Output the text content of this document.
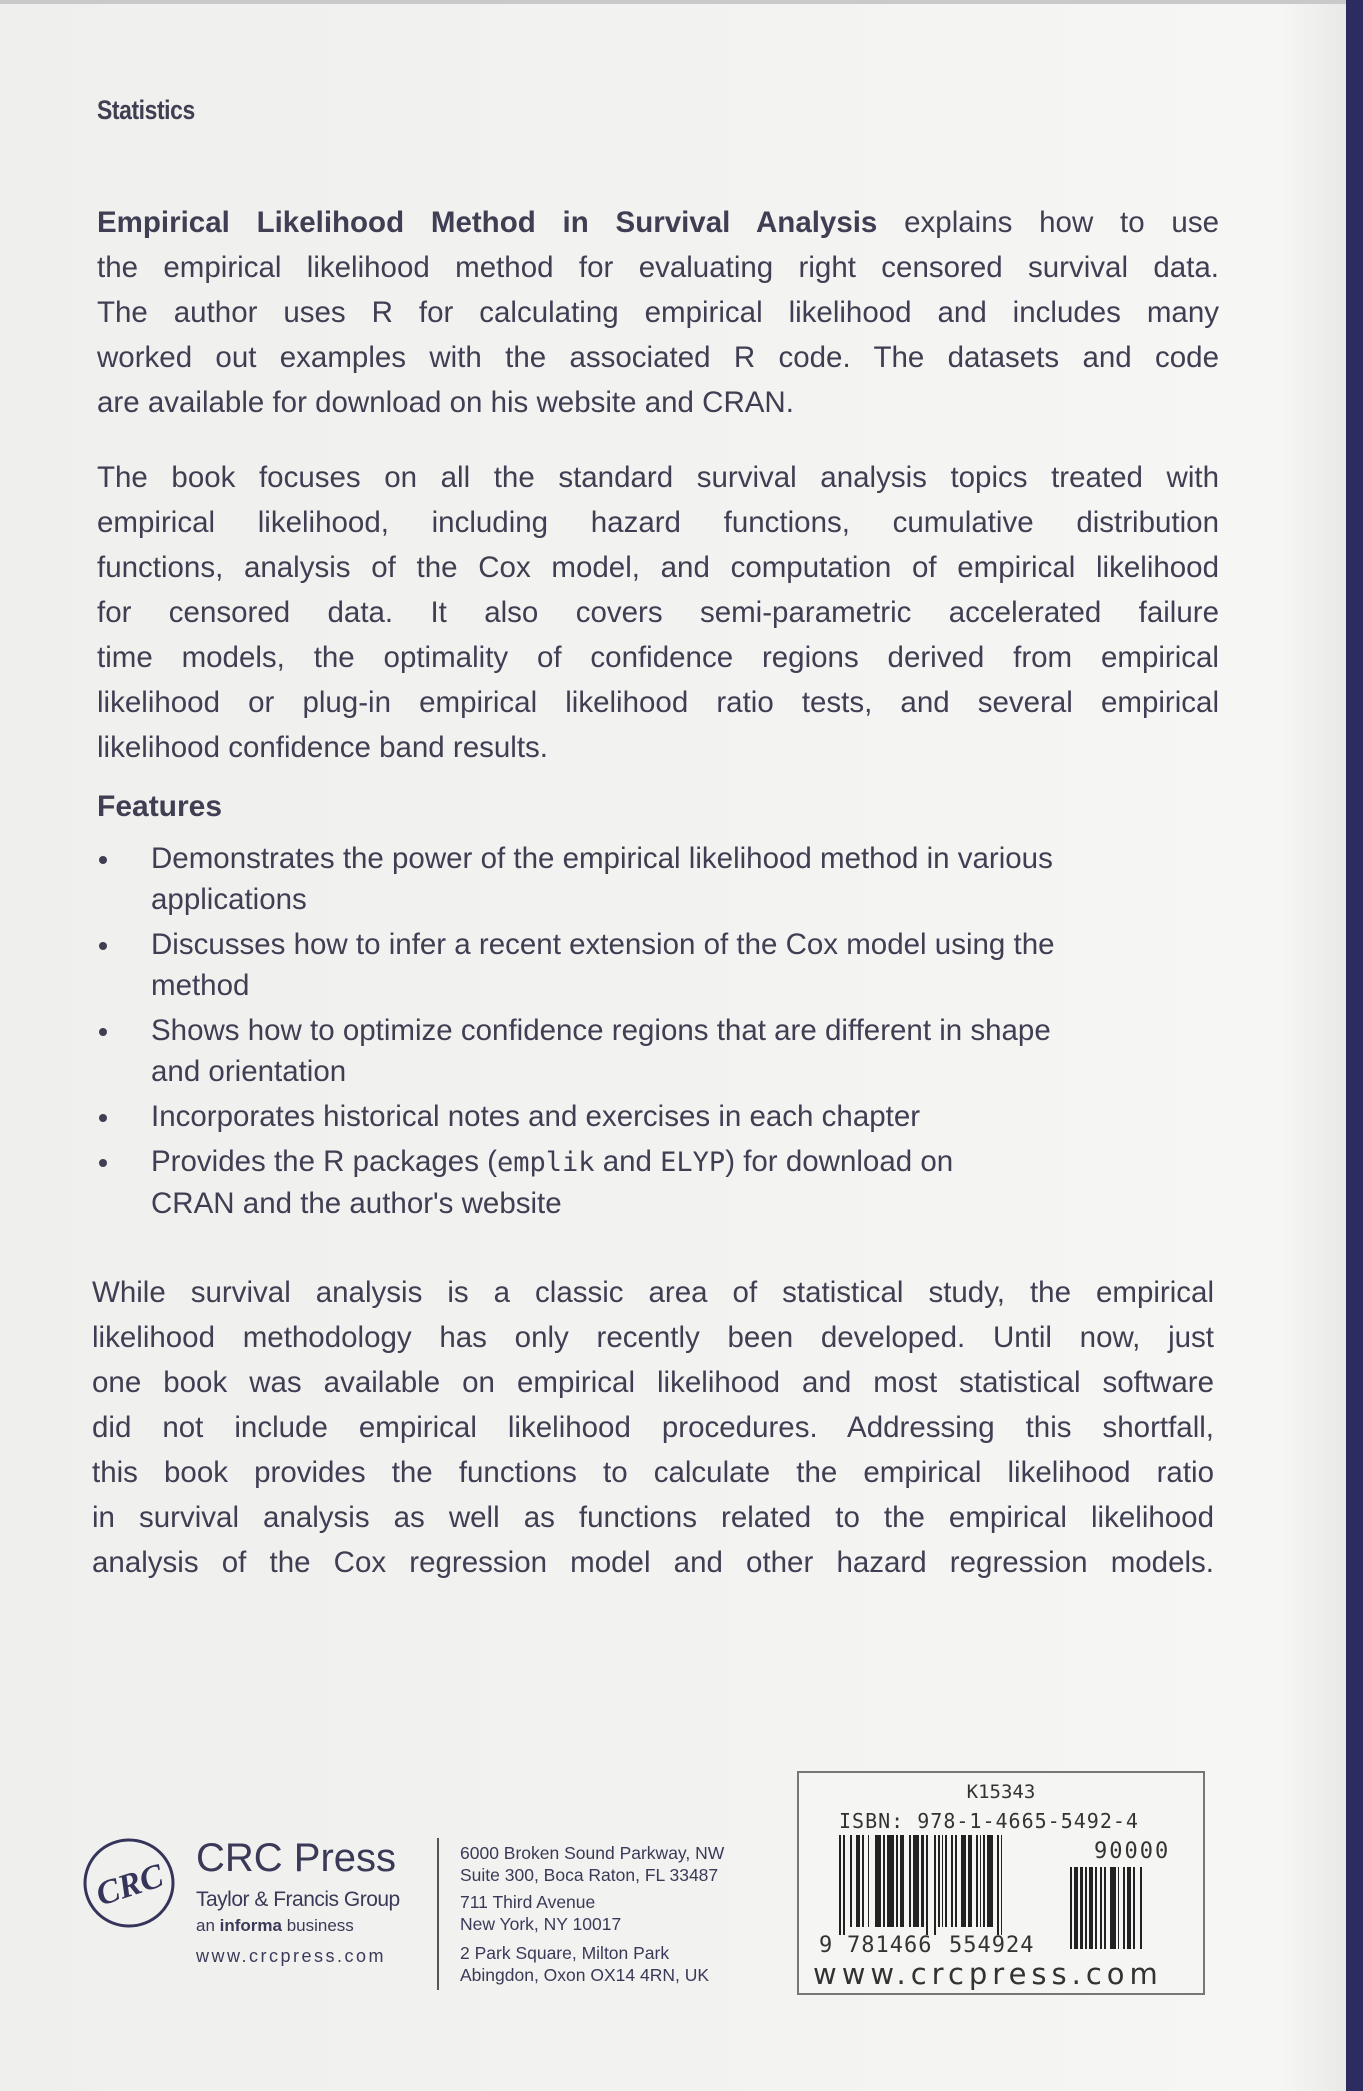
Statistics
Empirical Likelihood Method in Survival Analysis explains how to use
the empirical likelihood method for evaluating right censored survival data.
The author uses R for calculating empirical likelihood and includes many
worked out examples with the associated R code. The datasets and code
are available for download on his website and CRAN.
The book focuses on all the standard survival analysis topics treated with
empirical likelihood, including hazard functions, cumulative distribution
functions, analysis of the Cox model, and computation of empirical likelihood
for censored data. It also covers semi-parametric accelerated failure
time models, the optimality of confidence regions derived from empirical
likelihood or plug-in empirical likelihood ratio tests, and several empirical
likelihood confidence band results.
Features
Demonstrates the power of the empirical likelihood method in various
applications
Discusses how to infer a recent extension of the Cox model using the
method
Shows how to optimize confidence regions that are different in shape
and orientation
Incorporates historical notes and exercises in each chapter
Provides the R packages (emplik and ELYP) for download on
CRAN and the author's website
While survival analysis is a classic area of statistical study, the empirical
likelihood methodology has only recently been developed. Until now, just
one book was available on empirical likelihood and most statistical software
did not include empirical likelihood procedures. Addressing this shortfall,
this book provides the functions to calculate the empirical likelihood ratio
in survival analysis as well as functions related to the empirical likelihood
analysis of the Cox regression model and other hazard regression models.
CRC CRC Press
Taylor & Francis Group
an informa business
www.crcpress.com
6000 Broken Sound Parkway, NW
Suite 300, Boca Raton, FL 33487
711 Third Avenue
New York, NY 10017
2 Park Square, Milton Park
Abingdon, Oxon OX14 4RN, UK
K15343
ISBN: 978-1-4665-5492-4
90000
9 781466 554924
www.crcpress.com
